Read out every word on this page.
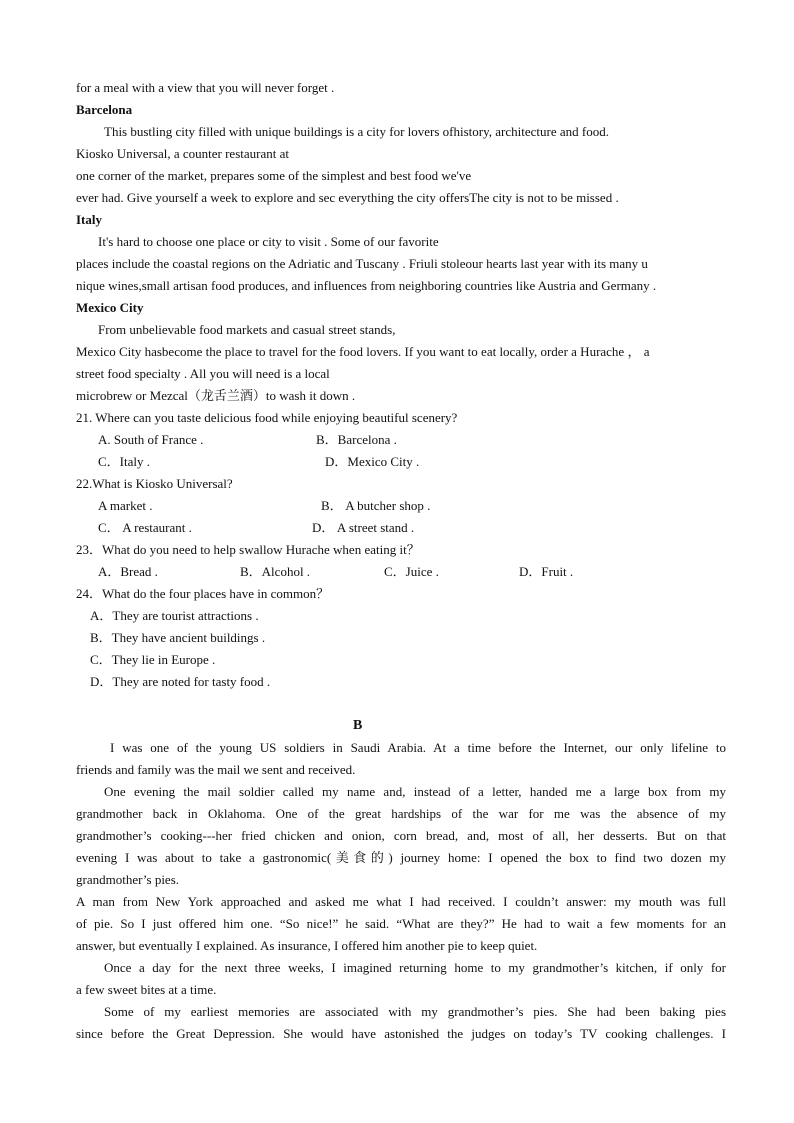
for a meal with a view that you will never forget .
Barcelona
This bustling city filled with unique buildings is a city for lovers ofhistory, architecture and food.
Kiosko Universal, a counter restaurant at
one corner of the market, prepares some of the simplest and best food we've
ever had. Give yourself a week to explore and sec everything the city offersThe city is not to be missed .
Italy
It's hard to choose one place or city to visit . Some of our favorite
places include the coastal regions on the Adriatic and Tuscany . Friuli stoleour hearts last year with its many u
nique wines,small artisan food produces, and influences from neighboring countries like Austria and Germany .
Mexico City
From unbelievable food markets and casual street stands,
Mexico City hasbecome the place to travel for the food lovers. If you want to eat locally, order a Hurache ， a
street food specialty . All you will need is a local
microbrew or Mezcal（龙舌兰酒）to wash it down .
21. Where can you taste delicious food while enjoying beautiful scenery?
A. South of France .	B．Barcelona .
C．Italy .	D．Mexico City .
22.What is Kiosko Universal?
A market .	B． A butcher shop .
C． A restaurant .	D． A street stand .
23．What do you need to help swallow Hurache when eating it？
A．Bread .	B．Alcohol .	C．Juice .	D．Fruit .
24．What do the four places have in common？
A．They are tourist attractions .
B．They have ancient buildings .
C．They lie in Europe .
D．They are noted for tasty food .
B
I was one of the young US soldiers in Saudi Arabia. At a time before the Internet, our only lifeline to
friends and family was the mail we sent and received.
One evening the mail soldier called my name and, instead of a letter, handed me a large box from my
grandmother back in Oklahoma. One of the great hardships of the war for me was the absence of my
grandmother’s cooking---her fried chicken and onion, corn bread, and, most of all, her desserts. But on that
evening I was about to take a gastronomic(美食的) journey home: I opened the box to find two dozen my
grandmother’s pies.
A man from New York approached and asked me what I had received. I couldn’t answer: my mouth was full
of pie. So I just offered him one. “So nice!” he said. “What are they?” He had to wait a few moments for an
answer, but eventually I explained. As insurance, I offered him another pie to keep quiet.
Once a day for the next three weeks, I imagined returning home to my grandmother’s kitchen, if only for
a few sweet bites at a time.
Some of my earliest memories are associated with my grandmother’s pies. She had been baking pies
since before the Great Depression. She would have astonished the judges on today’s TV cooking challenges. I
